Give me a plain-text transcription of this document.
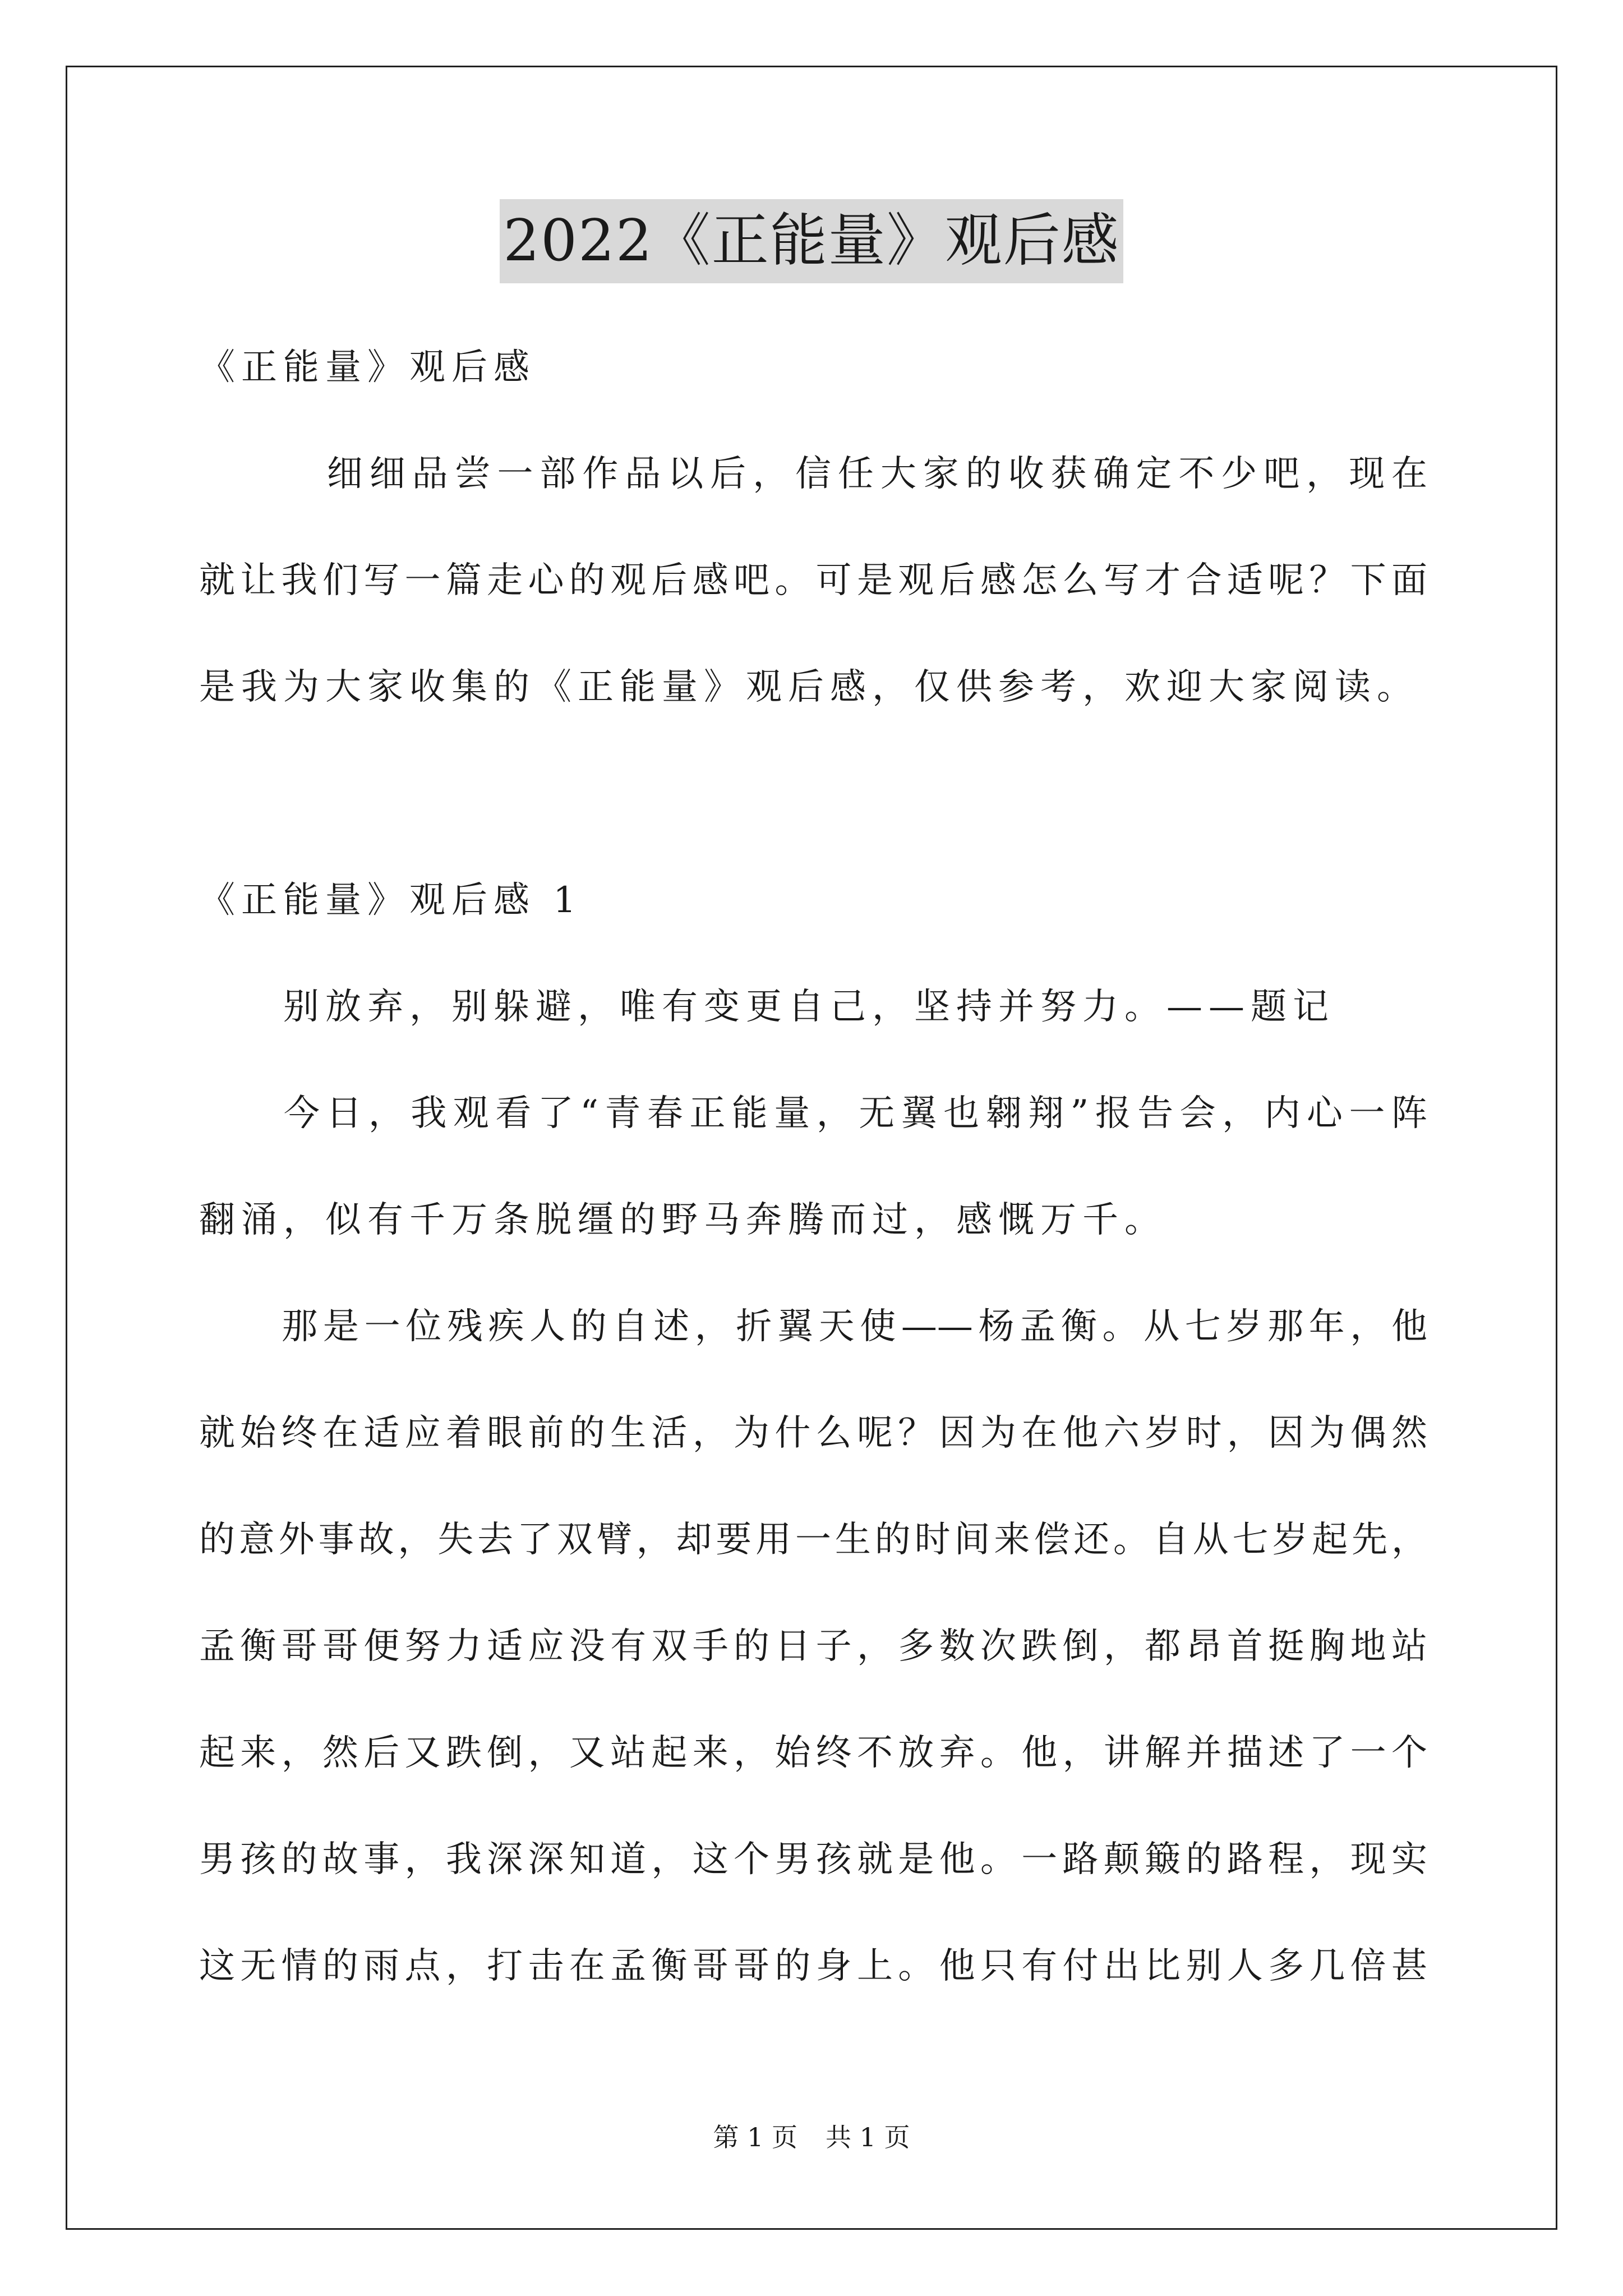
2022《正能量》观后感
《正能量》观后感
　　　细细品尝一部作品以后，信任大家的收获确定不少吧，现在
就让我们写一篇走心的观后感吧。可是观后感怎么写才合适呢？下面
是我为大家收集的《正能量》观后感，仅供参考，欢迎大家阅读。
《正能量》观后感 1
　　别放弃，别躲避，唯有变更自己，坚持并努力。——题记
　　今日，我观看了“青春正能量，无翼也翱翔”报告会，内心一阵
翻涌，似有千万条脱缰的野马奔腾而过，感慨万千。
　　那是一位残疾人的自述，折翼天使——杨孟衡。从七岁那年，他
就始终在适应着眼前的生活，为什么呢？因为在他六岁时，因为偶然
的意外事故，失去了双臂，却要用一生的时间来偿还。自从七岁起先，
孟衡哥哥便努力适应没有双手的日子，多数次跌倒，都昂首挺胸地站
起来，然后又跌倒，又站起来，始终不放弃。他，讲解并描述了一个
男孩的故事，我深深知道，这个男孩就是他。一路颠簸的路程，现实
这无情的雨点，打击在孟衡哥哥的身上。他只有付出比别人多几倍甚
第 1 页 共 1 页
